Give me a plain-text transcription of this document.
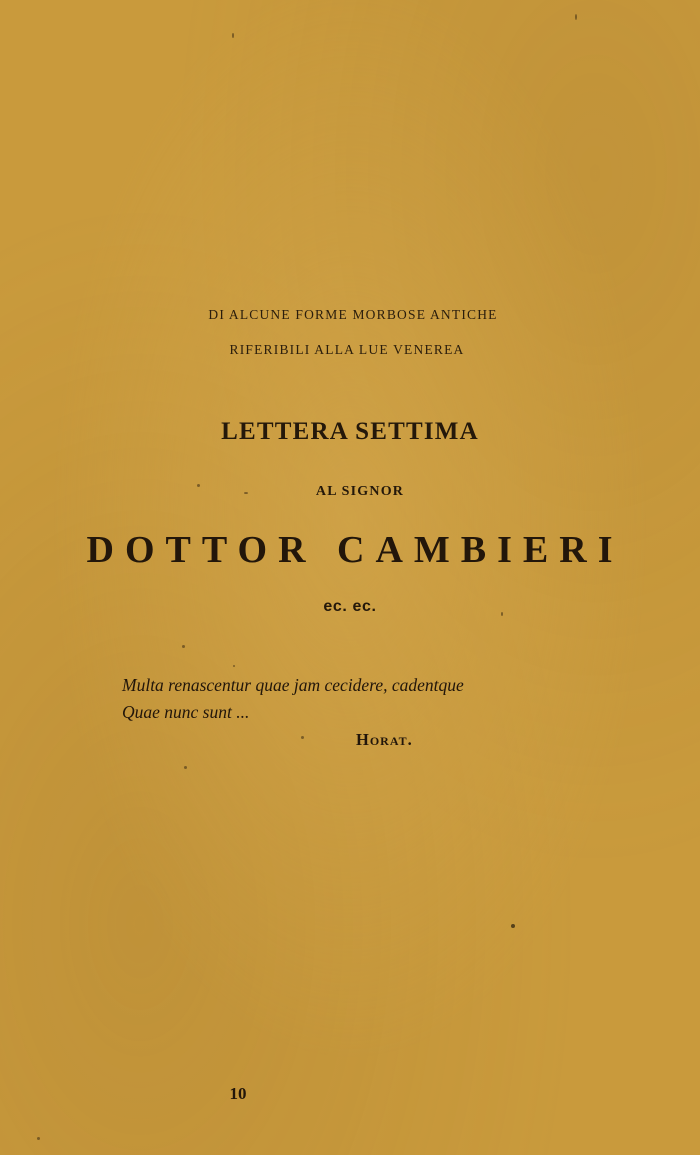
DI ALCUNE FORME MORBOSE ANTICHE
RIFERIBILI ALLA LUE VENEREA
LETTERA SETTIMA
AL SIGNOR
DOTTOR CAMBIERI
ec. ec.
Multa renascentur quae jam cecidere, cadentque
Quae nunc sunt ...
Horat.
10
